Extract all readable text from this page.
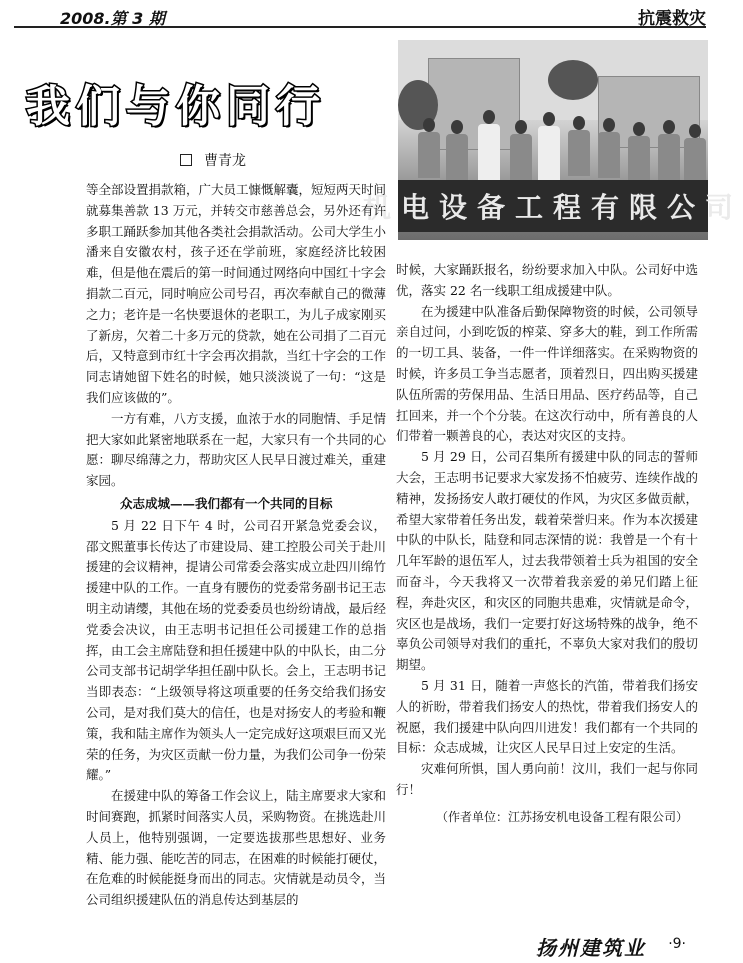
2008.第 3 期	抗震救灾
我们与你同行
曹青龙
机电设备工程有限公司

等全部设置捐款箱，广大员工慷慨解囊，短短两天时间就募集善款 13 万元，并转交市慈善总会，另外还有许多职工踊跃参加其他各类社会捐款活动。公司大学生小潘来自安徽农村，孩子还在学前班，家庭经济比较困难，但是他在震后的第一时间通过网络向中国红十字会捐款二百元，同时响应公司号召，再次奉献自己的微薄之力；老许是一名快要退休的老职工，为儿子成家刚买了新房，欠着二十多万元的贷款，她在公司捐了二百元后，又特意到市红十字会再次捐款，当红十字会的工作同志请她留下姓名的时候，她只淡淡说了一句：“这是我们应该做的”。

一方有难，八方支援，血浓于水的同胞情、手足情把大家如此紧密地联系在一起，大家只有一个共同的心愿：聊尽绵薄之力，帮助灾区人民早日渡过难关，重建家园。

众志成城——我们都有一个共同的目标

5 月 22 日下午 4 时，公司召开紧急党委会议，邵文熙董事长传达了市建设局、建工控股公司关于赴川援建的会议精神，提请公司常委会落实成立赴四川绵竹援建中队的工作。一直身有腰伤的党委常务副书记王志明主动请缨，其他在场的党委委员也纷纷请战，最后经党委会决议，由王志明书记担任公司援建工作的总指挥，由工会主席陆登和担任援建中队的中队长，由二分公司支部书记胡学华担任副中队长。会上，王志明书记当即表态：“上级领导将这项重要的任务交给我们扬安公司，是对我们莫大的信任，也是对扬安人的考验和鞭策，我和陆主席作为领头人一定完成好这项艰巨而又光荣的任务，为灾区贡献一份力量，为我们公司争一份荣耀。”

在援建中队的筹备工作会议上，陆主席要求大家和时间赛跑，抓紧时间落实人员，采购物资。在挑选赴川人员上，他特别强调，一定要选拔那些思想好、业务精、能力强、能吃苦的同志，在困难的时候能打硬仗，在危难的时候能挺身而出的同志。灾情就是动员令，当公司组织援建队伍的消息传达到基层的

时候，大家踊跃报名，纷纷要求加入中队。公司好中选优，落实 22 名一线职工组成援建中队。

在为援建中队准备后勤保障物资的时候，公司领导亲自过问，小到吃饭的榨菜、穿多大的鞋，到工作所需的一切工具、装备，一件一件详细落实。在采购物资的时候，许多员工争当志愿者，顶着烈日，四出购买援建队伍所需的劳保用品、生活日用品、医疗药品等，自己扛回来，并一个个分装。在这次行动中，所有善良的人们带着一颗善良的心，表达对灾区的支持。

5 月 29 日，公司召集所有援建中队的同志的誓师大会，王志明书记要求大家发扬不怕疲劳、连续作战的精神，发扬扬安人敢打硬仗的作风，为灾区多做贡献，希望大家带着任务出发，载着荣誉归来。作为本次援建中队的中队长，陆登和同志深情的说：我曾是一个有十几年军龄的退伍军人，过去我带领着士兵为祖国的安全而奋斗，今天我将又一次带着我亲爱的弟兄们踏上征程，奔赴灾区，和灾区的同胞共患难，灾情就是命令，灾区也是战场，我们一定要打好这场特殊的战争，绝不辜负公司领导对我们的重托，不辜负大家对我们的殷切期望。

5 月 31 日，随着一声悠长的汽笛，带着我们扬安人的祈盼，带着我们扬安人的热忱，带着我们扬安人的祝愿，我们援建中队向四川进发！我们都有一个共同的目标：众志成城，让灾区人民早日过上安定的生活。

灾难何所惧，国人勇向前！汶川，我们一起与你同行！

（作者单位：江苏扬安机电设备工程有限公司）

扬州建筑业 ·9·
